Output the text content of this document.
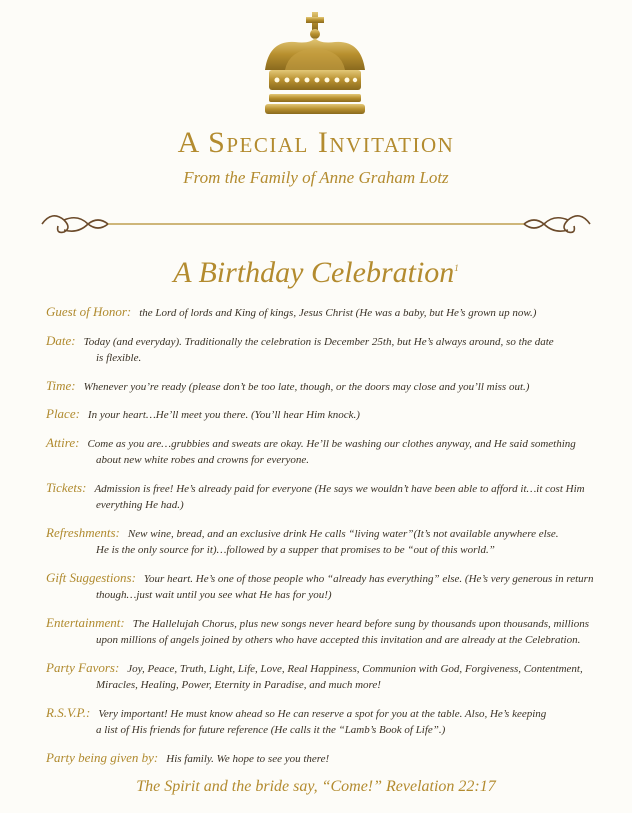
A Special Invitation
From the Family of Anne Graham Lotz
A Birthday Celebration$^1$
Guest of Honor: the Lord of lords and King of kings, Jesus Christ (He was a baby, but He’s grown up now.)
Date: Today (and everyday). Traditionally the celebration is December 25th, but He’s always around, so the date
is flexible.
Time: Whenever you’re ready (please don’t be too late, though, or the doors may close and you’ll miss out.)
Place: In your heart…He’ll meet you there. (You’ll hear Him knock.)
Attire: Come as you are…grubbies and sweats are okay. He’ll be washing our clothes anyway, and He said something
about new white robes and crowns for everyone.
Tickets: Admission is free! He’s already paid for everyone (He says we wouldn’t have been able to afford it…it cost Him
everything He had.)
Refreshments: New wine, bread, and an exclusive drink He calls “living water”(It’s not available anywhere else.
He is the only source for it)…followed by a supper that promises to be “out of this world.”
Gift Suggestions: Your heart. He’s one of those people who “already has everything” else. (He’s very generous in return
though…just wait until you see what He has for you!)
Entertainment: The Hallelujah Chorus, plus new songs never heard before sung by thousands upon thousands, millions
upon millions of angels joined by others who have accepted this invitation and are already at the Celebration.
Party Favors: Joy, Peace, Truth, Light, Life, Love, Real Happiness, Communion with God, Forgiveness, Contentment,
Miracles, Healing, Power, Eternity in Paradise, and much more!
R.S.V.P.: Very important! He must know ahead so He can reserve a spot for you at the table. Also, He’s keeping
a list of His friends for future reference (He calls it the “Lamb’s Book of Life”.)
Party being given by: His family. We hope to see you there!
The Spirit and the bride say, “Come!” Revelation 22:17
